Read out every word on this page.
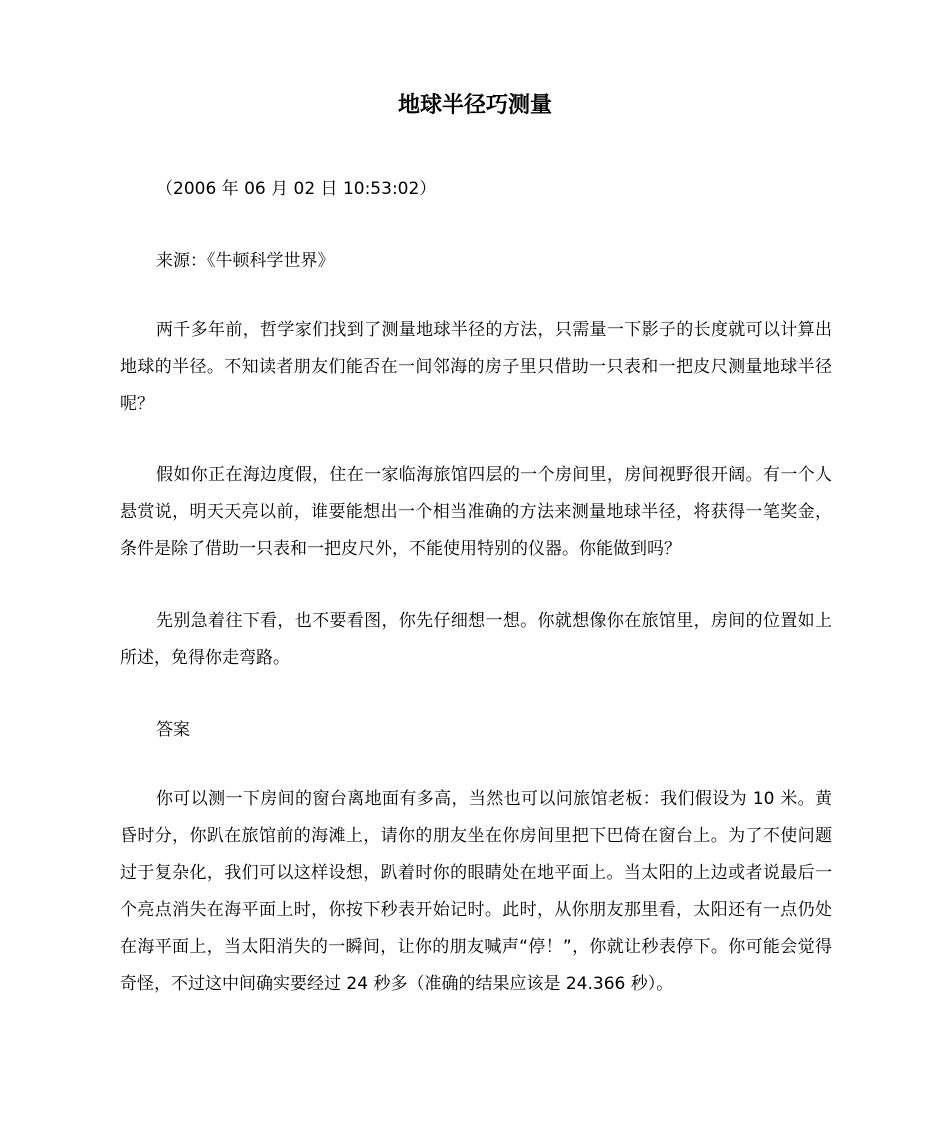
地球半径巧测量
（2006 年 06 月 02 日 10:53:02）
来源：《牛顿科学世界》
两千多年前，哲学家们找到了测量地球半径的方法，只需量一下影子的长度就可以计算出地球的半径。不知读者朋友们能否在一间邻海的房子里只借助一只表和一把皮尺测量地球半径呢？
假如你正在海边度假，住在一家临海旅馆四层的一个房间里，房间视野很开阔。有一个人悬赏说，明天天亮以前，谁要能想出一个相当准确的方法来测量地球半径，将获得一笔奖金，条件是除了借助一只表和一把皮尺外，不能使用特别的仪器。你能做到吗？
先别急着往下看，也不要看图，你先仔细想一想。你就想像你在旅馆里，房间的位置如上所述，免得你走弯路。
答案
你可以测一下房间的窗台离地面有多高，当然也可以问旅馆老板：我们假设为 10 米。黄昏时分，你趴在旅馆前的海滩上，请你的朋友坐在你房间里把下巴倚在窗台上。为了不使问题过于复杂化，我们可以这样设想，趴着时你的眼睛处在地平面上。当太阳的上边或者说最后一个亮点消失在海平面上时，你按下秒表开始记时。此时，从你朋友那里看，太阳还有一点仍处在海平面上，当太阳消失的一瞬间，让你的朋友喊声“停！”，你就让秒表停下。你可能会觉得奇怪，不过这中间确实要经过 24 秒多（准确的结果应该是 24.366 秒）。
